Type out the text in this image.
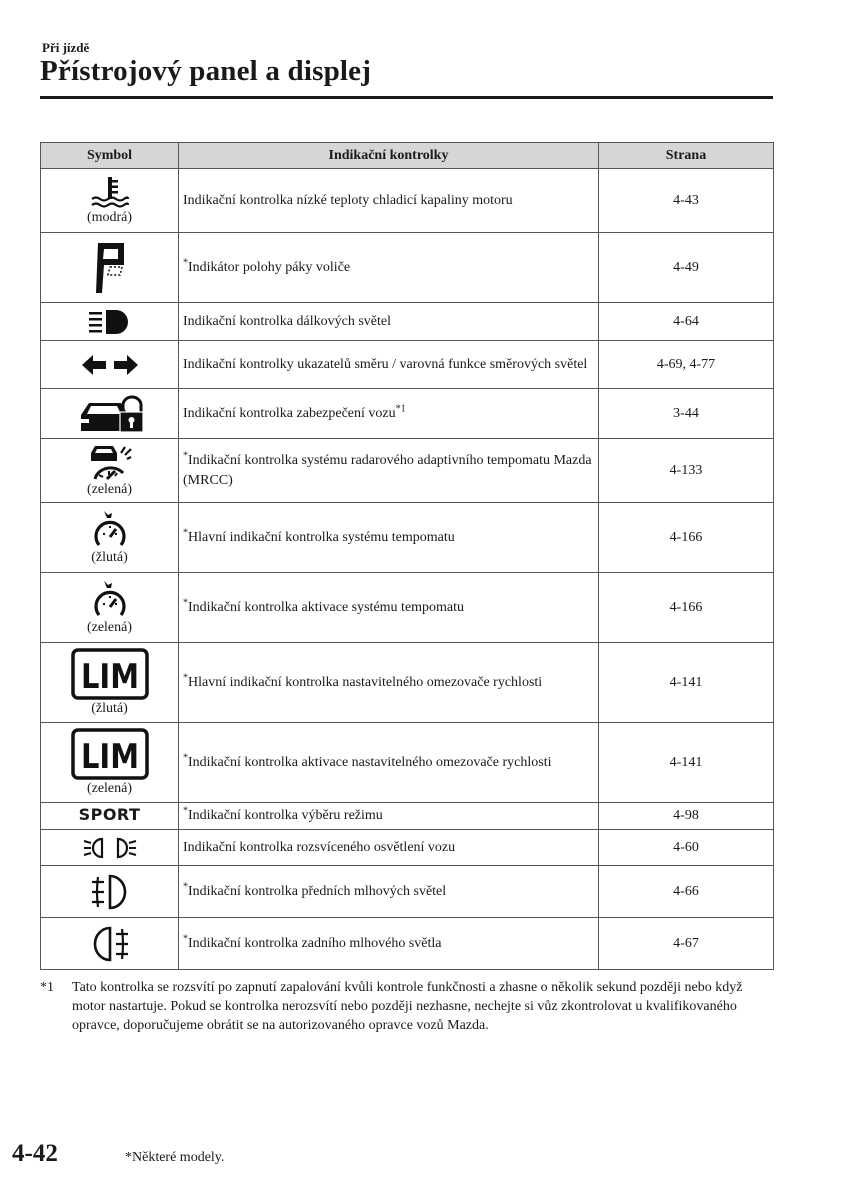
Při jízdě
Přístrojový panel a displej
Symbol	Indikační kontrolky	Strana

(modrá)	Indikační kontrolka nízké teploty chladicí kapaliny motoru	4-43

	*Indikátor polohy páky voliče	4-49

	Indikační kontrolka dálkových světel	4-64

	Indikační kontrolky ukazatelů směru / varovná funkce směrových světel	4-69, 4-77

	Indikační kontrolka zabezpečení vozu$^{*1}$	3-44

(zelená)	*Indikační kontrolka systému radarového adaptivního tempomatu Mazda (MRCC)	4-133

(žlutá)	*Hlavní indikační kontrolka systému tempomatu	4-166

(zelená)	*Indikační kontrolka aktivace systému tempomatu	4-166

LIM
(žlutá)	*Hlavní indikační kontrolka nastavitelného omezovače rychlosti	4-141

LIM
(zelená)	*Indikační kontrolka aktivace nastavitelného omezovače rychlosti	4-141
SPORT	*Indikační kontrolka výběru režimu	4-98

	Indikační kontrolka rozsvíceného osvětlení vozu	4-60

	*Indikační kontrolka předních mlhových světel	4-66

	*Indikační kontrolka zadního mlhového světla	4-67
*1 Tato kontrolka se rozsvítí po zapnutí zapalování kvůli kontrole funkčnosti a zhasne o několik sekund později nebo když motor nastartuje. Pokud se kontrolka nerozsvítí nebo později nezhasne, nechejte si vůz zkontrolovat u kvalifikovaného opravce, doporučujeme obrátit se na autorizovaného opravce vozů Mazda.
4-42	*Některé modely.
